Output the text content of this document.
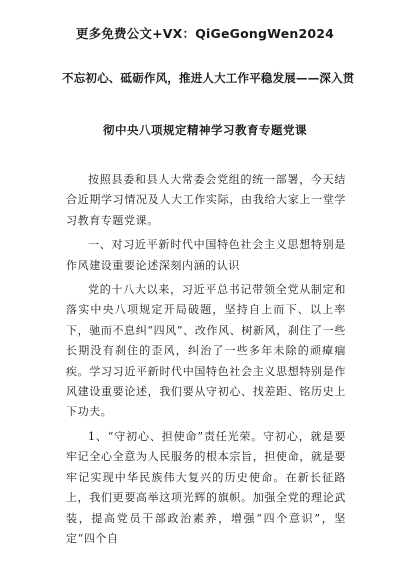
更多免费公文+VX：QiGeGongWen2024
不忘初心、砥砺作风，推进人大工作平稳发展——深入贯
彻中央八项规定精神学习教育专题党课

按照县委和县人大常委会党组的统一部署，今天结合近期学习情况及人大工作实际，由我给大家上一堂学习教育专题党课。

一、对习近平新时代中国特色社会主义思想特别是作风建设重要论述深刻内涵的认识

党的十八大以来，习近平总书记带领全党从制定和落实中央八项规定开局破题，坚持自上而下、以上率下，驰而不息纠“四风”、改作风、树新风，刹住了一些长期没有刹住的歪风，纠治了一些多年未除的顽瘴痼疾。学习习近平新时代中国特色社会主义思想特别是作风建设重要论述，我们要从守初心、找差距、铭历史上下功夫。

1、“守初心、担使命”责任光荣。守初心，就是要牢记全心全意为人民服务的根本宗旨，担使命，就是要牢记实现中华民族伟大复兴的历史使命。在新长征路上，我们更要高举这项光辉的旗帜。加强全党的理论武装，提高党员干部政治素养，增强“四个意识”，坚定“四个自
